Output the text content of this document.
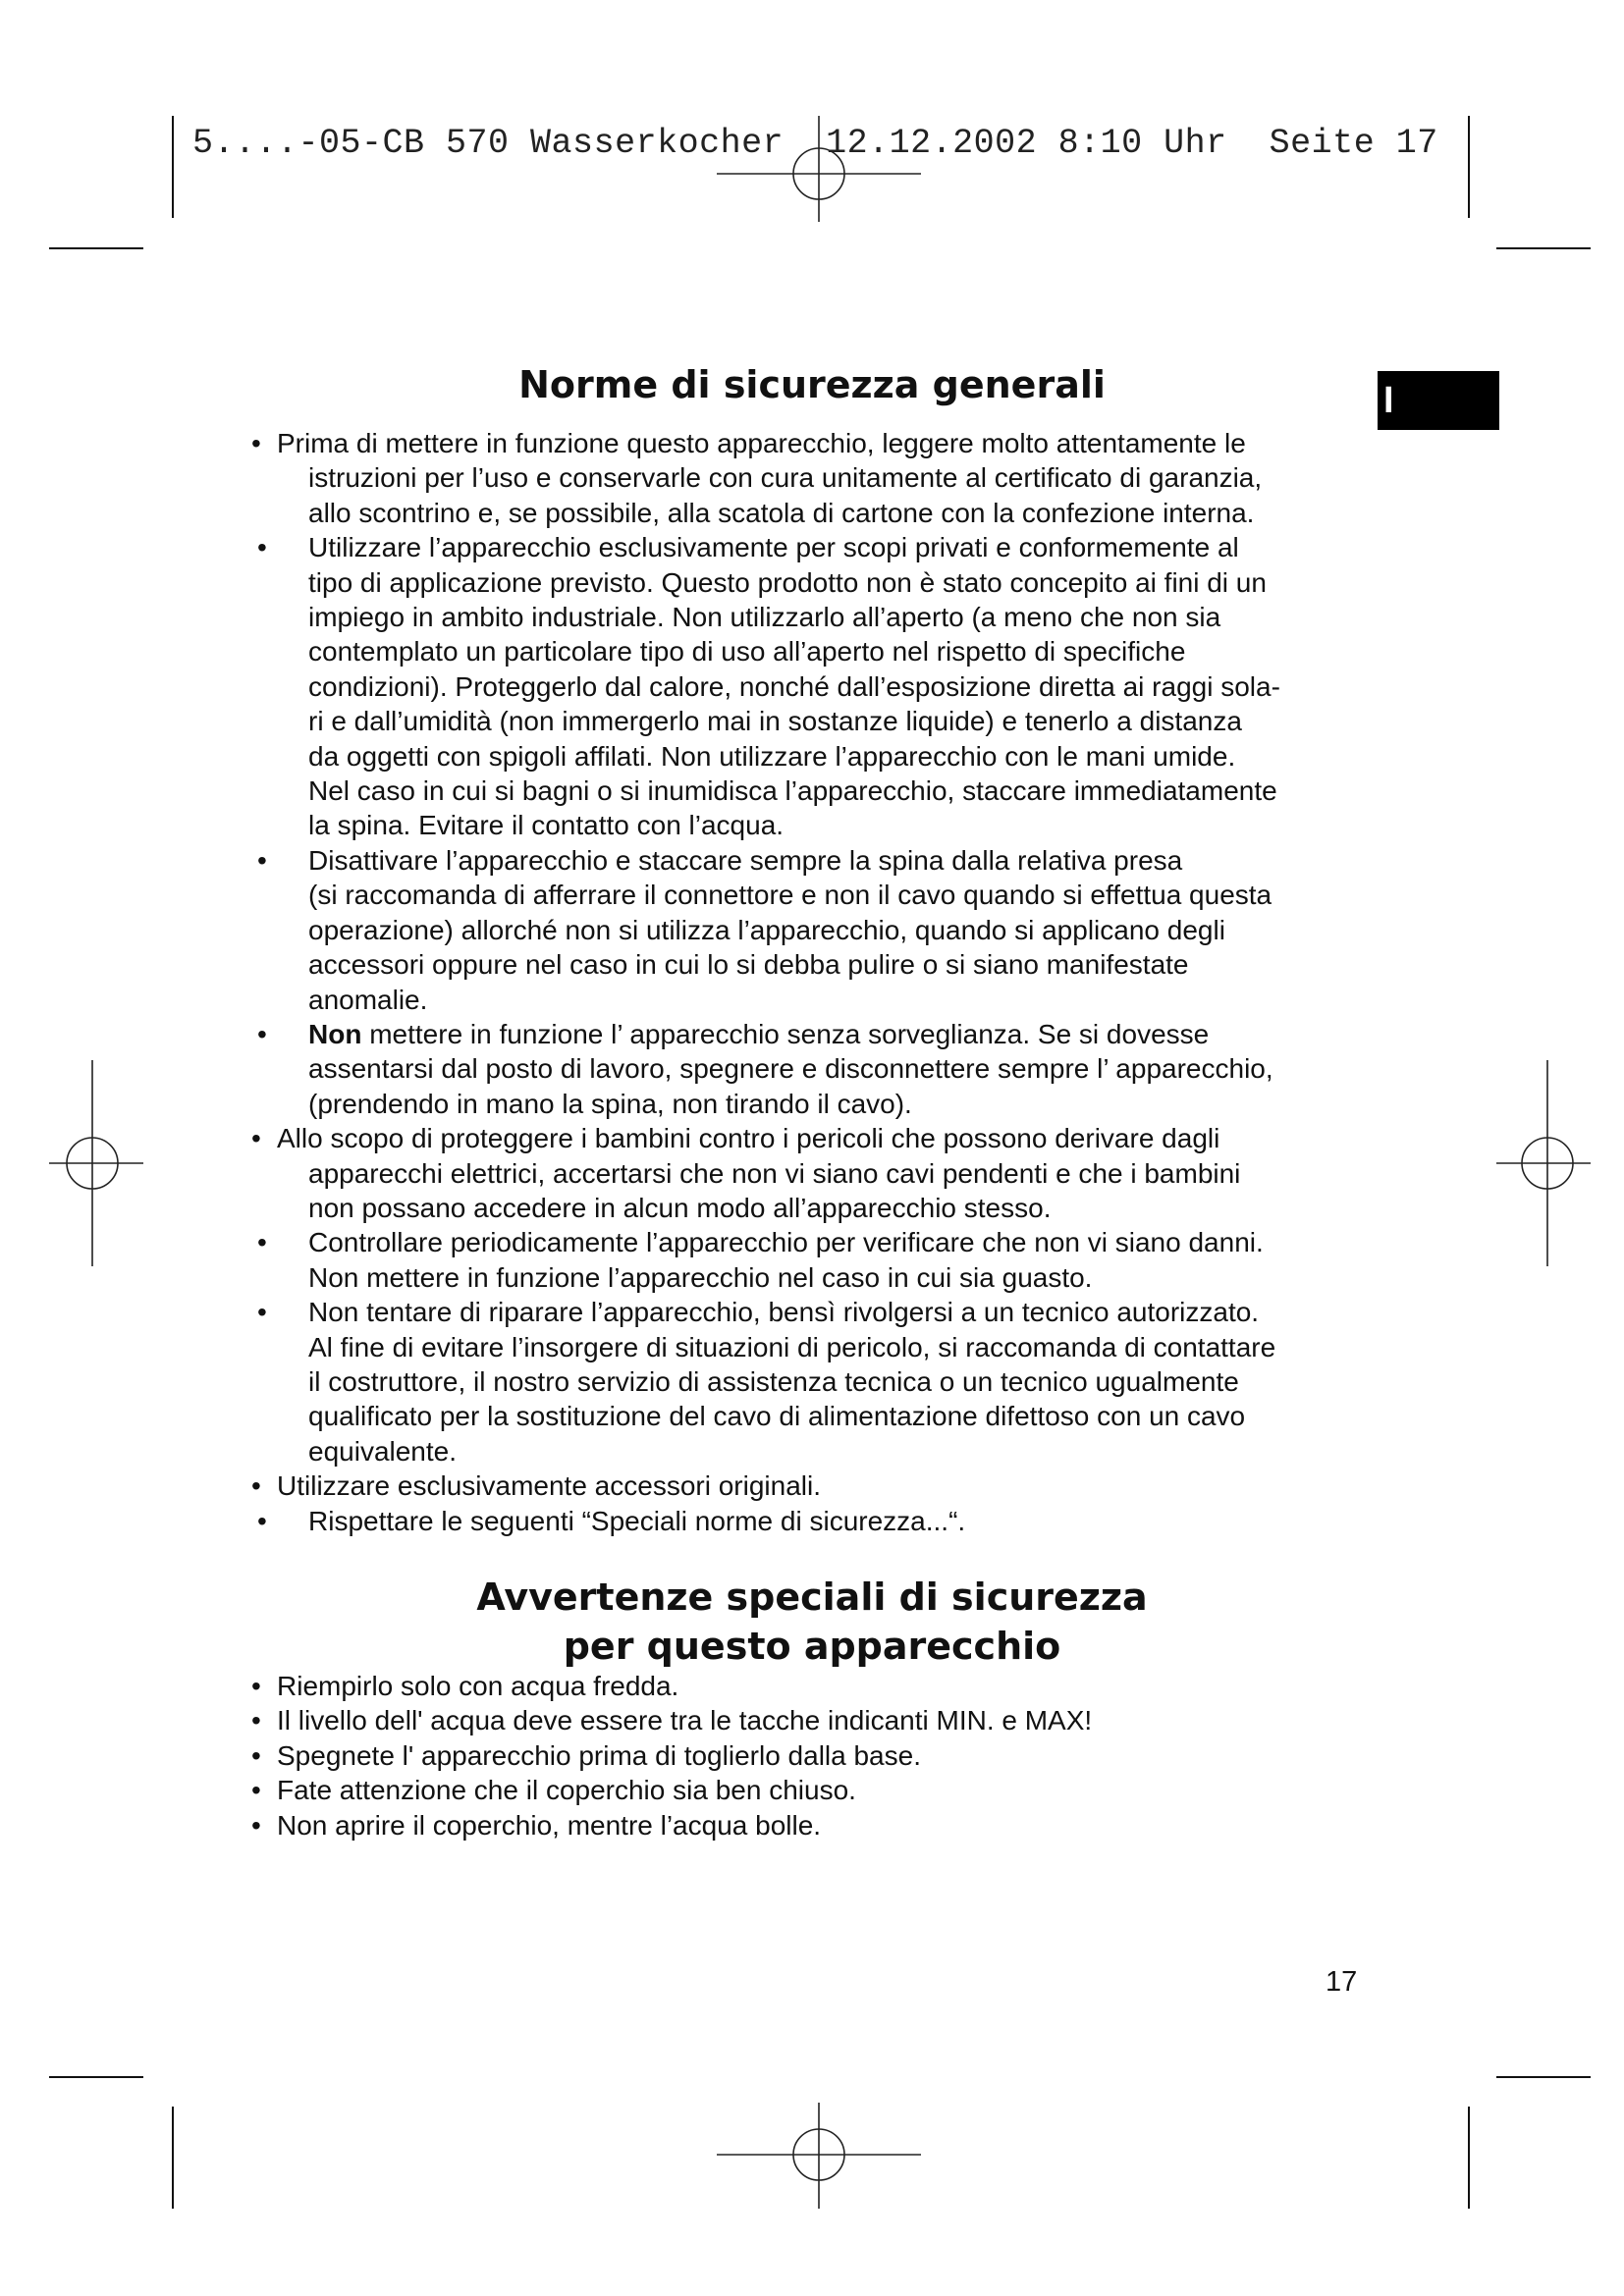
5....-05-CB 570 Wasserkocher  12.12.2002 8:10 Uhr  Seite 17
I
Norme di sicurezza generali
• Prima di mettere in funzione questo apparecchio, leggere molto attentamente le
istruzioni per l’uso e conservarle con cura unitamente al certificato di garanzia,
allo scontrino e, se possibile, alla scatola di cartone con la confezione interna.
• Utilizzare l’apparecchio esclusivamente per scopi privati e conformemente al
tipo di applicazione previsto. Questo prodotto non è stato concepito ai fini di un
impiego in ambito industriale. Non utilizzarlo all’aperto (a meno che non sia
contemplato un particolare tipo di uso all’aperto nel rispetto di specifiche
condizioni). Proteggerlo dal calore, nonché dall’esposizione diretta ai raggi sola-
ri e dall’umidità (non immergerlo mai in sostanze liquide) e tenerlo a distanza
da oggetti con spigoli affilati. Non utilizzare l’apparecchio con le mani umide.
Nel caso in cui si bagni o si inumidisca l’apparecchio, staccare immediatamente
la spina. Evitare il contatto con l’acqua.
• Disattivare l’apparecchio e staccare sempre la spina dalla relativa presa
(si raccomanda di afferrare il connettore e non il cavo quando si effettua questa
operazione) allorché non si utilizza l’apparecchio, quando si applicano degli
accessori oppure nel caso in cui lo si debba pulire o si siano manifestate
anomalie.
• Non mettere in funzione l’ apparecchio senza sorveglianza. Se si dovesse
assentarsi dal posto di lavoro, spegnere e disconnettere sempre l’ apparecchio,
(prendendo in mano la spina, non tirando il cavo).
• Allo scopo di proteggere i bambini contro i pericoli che possono derivare dagli
apparecchi elettrici, accertarsi che non vi siano cavi pendenti e che i bambini
non possano accedere in alcun modo all’apparecchio stesso.
• Controllare periodicamente l’apparecchio per verificare che non vi siano danni.
Non mettere in funzione l’apparecchio nel caso in cui sia guasto.
• Non tentare di riparare l’apparecchio, bensì rivolgersi a un tecnico autorizzato.
Al fine di evitare l’insorgere di situazioni di pericolo, si raccomanda di contattare
il costruttore, il nostro servizio di assistenza tecnica o un tecnico ugualmente
qualificato per la sostituzione del cavo di alimentazione difettoso con un cavo
equivalente.
• Utilizzare esclusivamente accessori originali.
• Rispettare le seguenti “Speciali norme di sicurezza...“.
Avvertenze speciali di sicurezza
per questo apparecchio
• Riempirlo solo con acqua fredda.
• Il livello dell' acqua deve essere tra le tacche indicanti MIN. e MAX!
• Spegnete l' apparecchio prima di toglierlo dalla base.
• Fate attenzione che il coperchio sia ben chiuso.
• Non aprire il coperchio, mentre l’acqua bolle.
17
